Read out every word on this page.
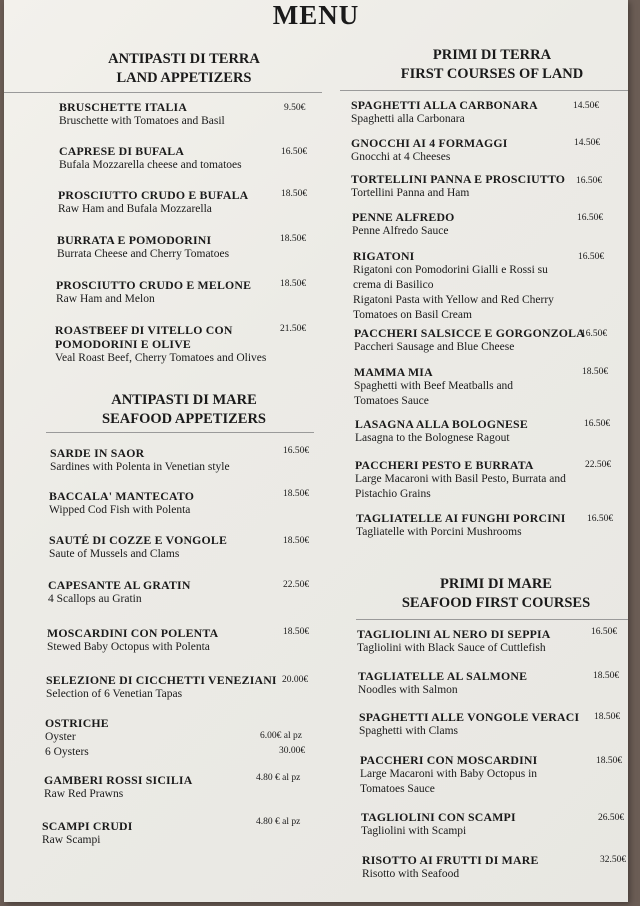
MENU
ANTIPASTI DI TERRA
LAND APPETIZERS
BRUSCHETTE ITALIA
Bruschette with Tomatoes and Basil
9.50€
CAPRESE DI BUFALA
Bufala Mozzarella cheese and tomatoes
16.50€
PROSCIUTTO CRUDO E BUFALA
Raw Ham and Bufala Mozzarella
18.50€
BURRATA E POMODORINI
Burrata Cheese and Cherry Tomatoes
18.50€
PROSCIUTTO CRUDO E MELONE
Raw Ham and Melon
18.50€
ROASTBEEF DI VITELLO CON
POMODORINI E OLIVE
Veal Roast Beef, Cherry Tomatoes and Olives
21.50€
ANTIPASTI DI MARE
SEAFOOD APPETIZERS
SARDE IN SAOR
Sardines with Polenta in Venetian style
16.50€
BACCALA' MANTECATO
Wipped Cod Fish with Polenta
18.50€
SAUTÉ DI COZZE E VONGOLE
Saute of Mussels and Clams
18.50€
CAPESANTE AL GRATIN
4 Scallops au Gratin
22.50€
MOSCARDINI CON POLENTA
Stewed Baby Octopus with Polenta
18.50€
SELEZIONE DI CICCHETTI VENEZIANI
Selection of 6 Venetian Tapas
20.00€
OSTRICHE
Oyster
6 Oysters
6.00€ al pz
30.00€
GAMBERI ROSSI SICILIA
Raw Red Prawns
4.80 € al pz
SCAMPI CRUDI
Raw Scampi
4.80 € al pz
PRIMI DI TERRA
FIRST COURSES OF LAND
SPAGHETTI ALLA CARBONARA
Spaghetti alla Carbonara
14.50€
GNOCCHI AI 4 FORMAGGI
Gnocchi at 4 Cheeses
14.50€
TORTELLINI PANNA E PROSCIUTTO
Tortellini Panna and Ham
16.50€
PENNE ALFREDO
Penne Alfredo Sauce
16.50€
RIGATONI
Rigatoni con Pomodorini Gialli e Rossi su
crema di Basilico
Rigatoni Pasta with Yellow and Red Cherry
Tomatoes on Basil Cream
16.50€
PACCHERI SALSICCE E GORGONZOLA
Paccheri Sausage and Blue Cheese
16.50€
MAMMA MIA
Spaghetti with Beef Meatballs and
Tomatoes Sauce
18.50€
LASAGNA ALLA BOLOGNESE
Lasagna to the Bolognese Ragout
16.50€
PACCHERI PESTO E BURRATA
Large Macaroni with Basil Pesto, Burrata and
Pistachio Grains
22.50€
TAGLIATELLE AI FUNGHI PORCINI
Tagliatelle with Porcini Mushrooms
16.50€
PRIMI DI MARE
SEAFOOD FIRST COURSES
TAGLIOLINI AL NERO DI SEPPIA
Tagliolini with Black Sauce of Cuttlefish
16.50€
TAGLIATELLE AL SALMONE
Noodles with Salmon
18.50€
SPAGHETTI ALLE VONGOLE VERACI
Spaghetti with Clams
18.50€
PACCHERI CON MOSCARDINI
Large Macaroni with Baby Octopus in
Tomatoes Sauce
18.50€
TAGLIOLINI CON SCAMPI
Tagliolini with Scampi
26.50€
RISOTTO AI FRUTTI DI MARE
Risotto with Seafood
32.50€
